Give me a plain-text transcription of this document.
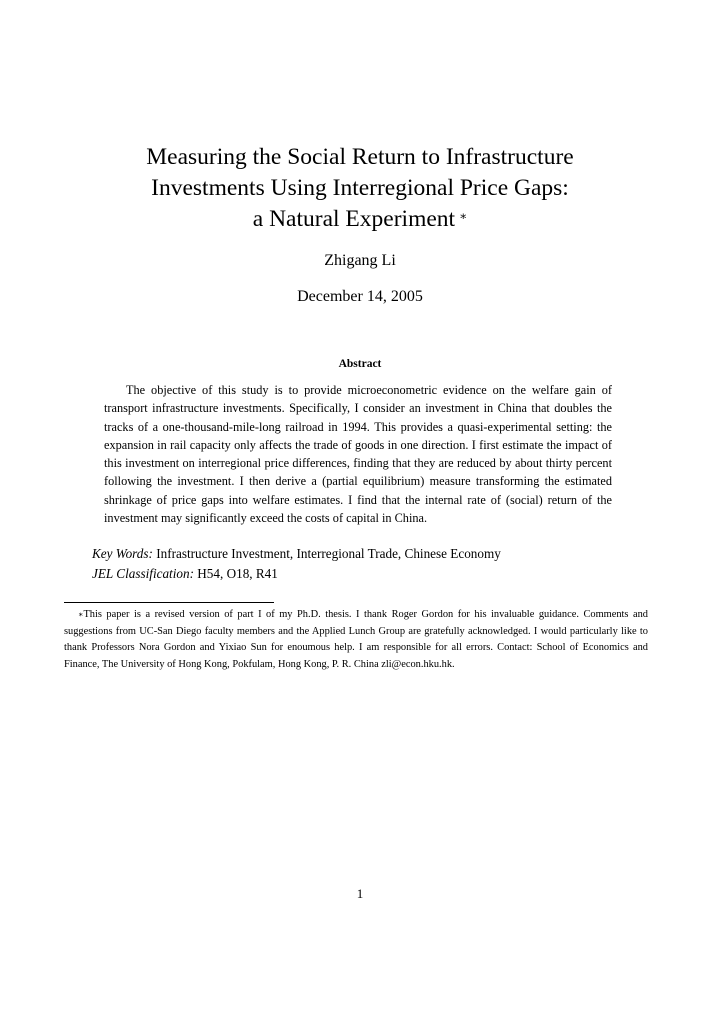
Measuring the Social Return to Infrastructure
Investments Using Interregional Price Gaps:
a Natural Experiment ∗
Zhigang Li
December 14, 2005
Abstract
The objective of this study is to provide microeconometric evidence on the welfare gain of transport infrastructure investments. Specifically, I consider an investment in China that doubles the tracks of a one-thousand-mile-long railroad in 1994. This provides a quasi-experimental setting: the expansion in rail capacity only affects the trade of goods in one direction. I first estimate the impact of this investment on interregional price differences, finding that they are reduced by about thirty percent following the investment. I then derive a (partial equilibrium) measure transforming the estimated shrinkage of price gaps into welfare estimates. I find that the internal rate of (social) return of the investment may significantly exceed the costs of capital in China.
Key Words: Infrastructure Investment, Interregional Trade, Chinese Economy
JEL Classification: H54, O18, R41
∗This paper is a revised version of part I of my Ph.D. thesis. I thank Roger Gordon for his invaluable guidance. Comments and suggestions from UC-San Diego faculty members and the Applied Lunch Group are gratefully acknowledged. I would particularly like to thank Professors Nora Gordon and Yixiao Sun for enoumous help. I am responsible for all errors. Contact: School of Economics and Finance, The University of Hong Kong, Pokfulam, Hong Kong, P. R. China zli@econ.hku.hk.
1
